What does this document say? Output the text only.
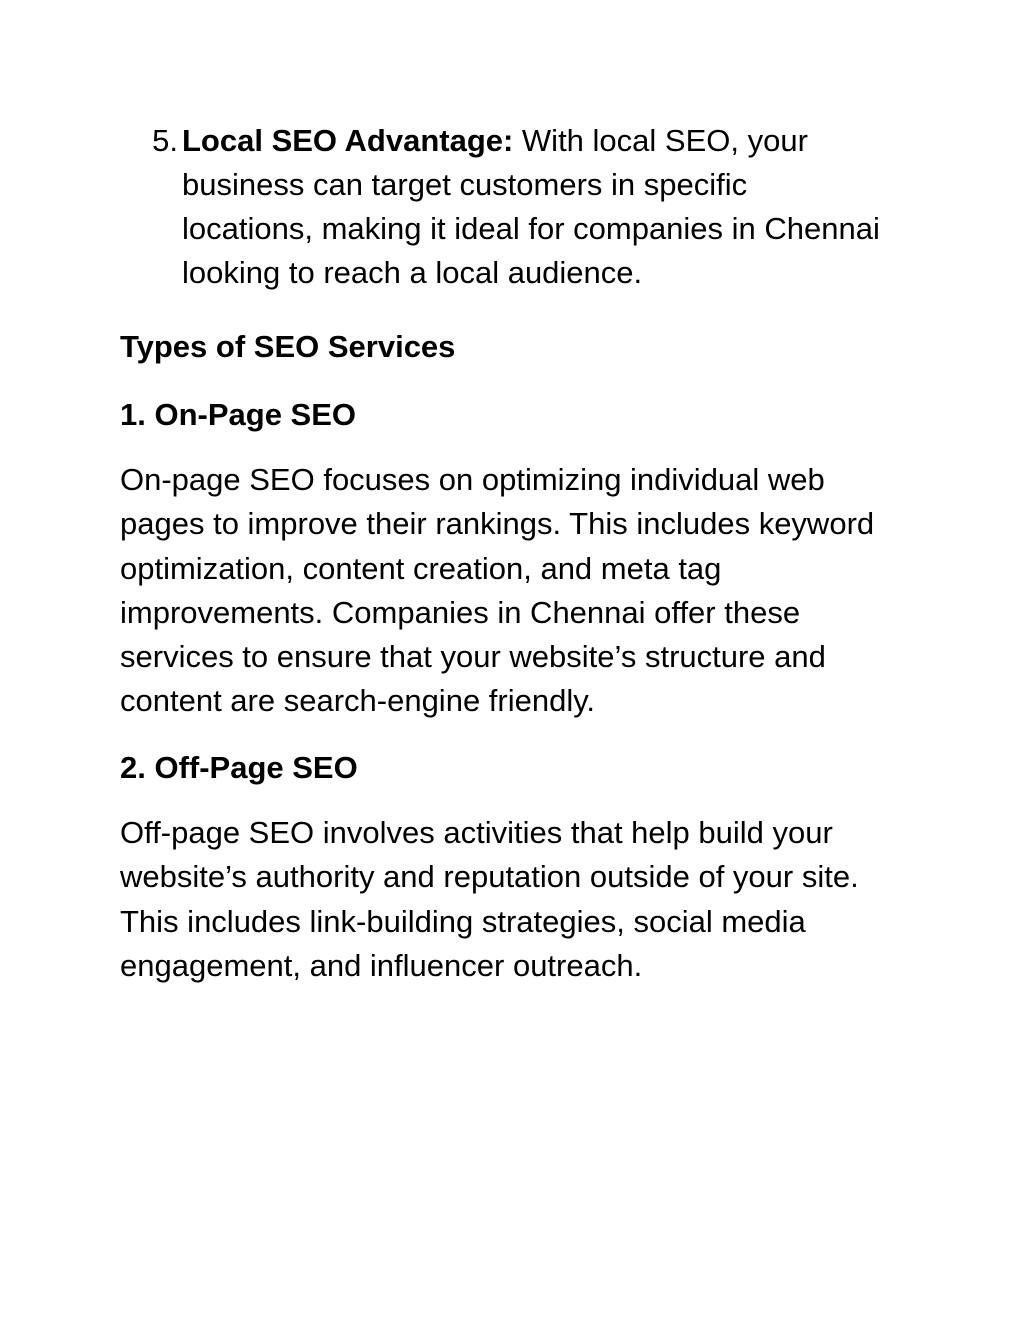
5. Local SEO Advantage: With local SEO, your business can target customers in specific locations, making it ideal for companies in Chennai looking to reach a local audience.
Types of SEO Services
1. On-Page SEO

On-page SEO focuses on optimizing individual web pages to improve their rankings. This includes keyword optimization, content creation, and meta tag improvements. Companies in Chennai offer these services to ensure that your website’s structure and content are search-engine friendly.

2. Off-Page SEO

Off-page SEO involves activities that help build your website’s authority and reputation outside of your site. This includes link-building strategies, social media engagement, and influencer outreach.
